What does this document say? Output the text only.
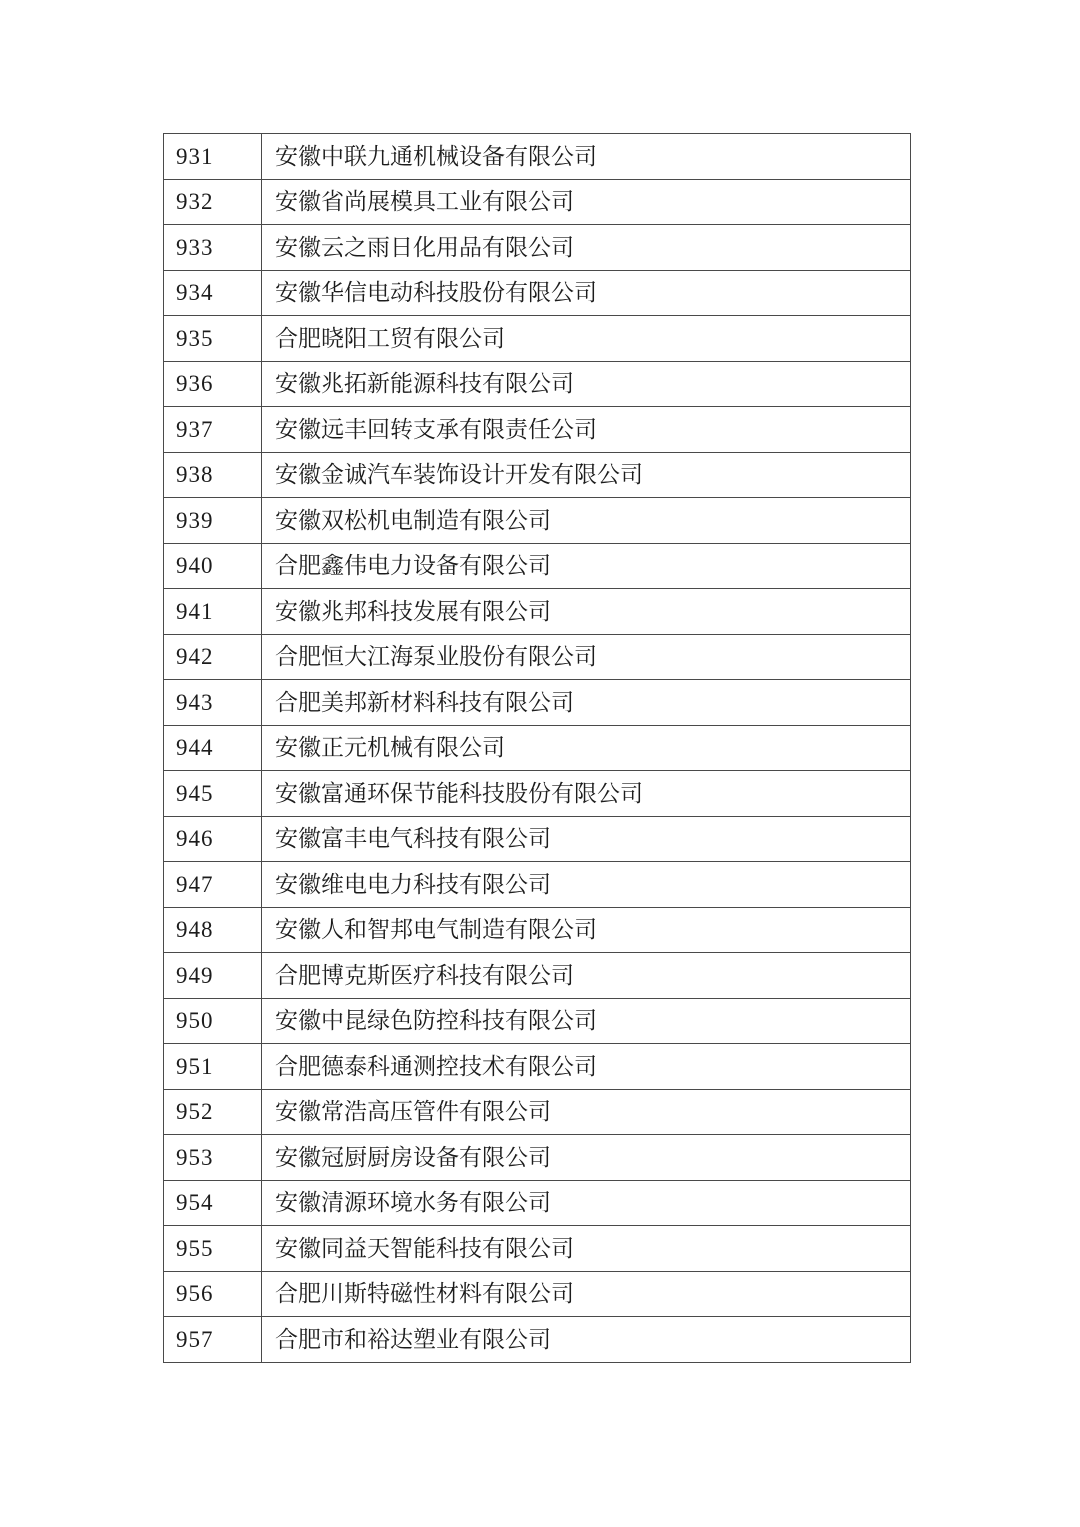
931	安徽中联九通机械设备有限公司
932	安徽省尚展模具工业有限公司
933	安徽云之雨日化用品有限公司
934	安徽华信电动科技股份有限公司
935	合肥晓阳工贸有限公司
936	安徽兆拓新能源科技有限公司
937	安徽远丰回转支承有限责任公司
938	安徽金诚汽车装饰设计开发有限公司
939	安徽双松机电制造有限公司
940	合肥鑫伟电力设备有限公司
941	安徽兆邦科技发展有限公司
942	合肥恒大江海泵业股份有限公司
943	合肥美邦新材料科技有限公司
944	安徽正元机械有限公司
945	安徽富通环保节能科技股份有限公司
946	安徽富丰电气科技有限公司
947	安徽维电电力科技有限公司
948	安徽人和智邦电气制造有限公司
949	合肥博克斯医疗科技有限公司
950	安徽中昆绿色防控科技有限公司
951	合肥德泰科通测控技术有限公司
952	安徽常浩高压管件有限公司
953	安徽冠厨厨房设备有限公司
954	安徽清源环境水务有限公司
955	安徽同益天智能科技有限公司
956	合肥川斯特磁性材料有限公司
957	合肥市和裕达塑业有限公司
